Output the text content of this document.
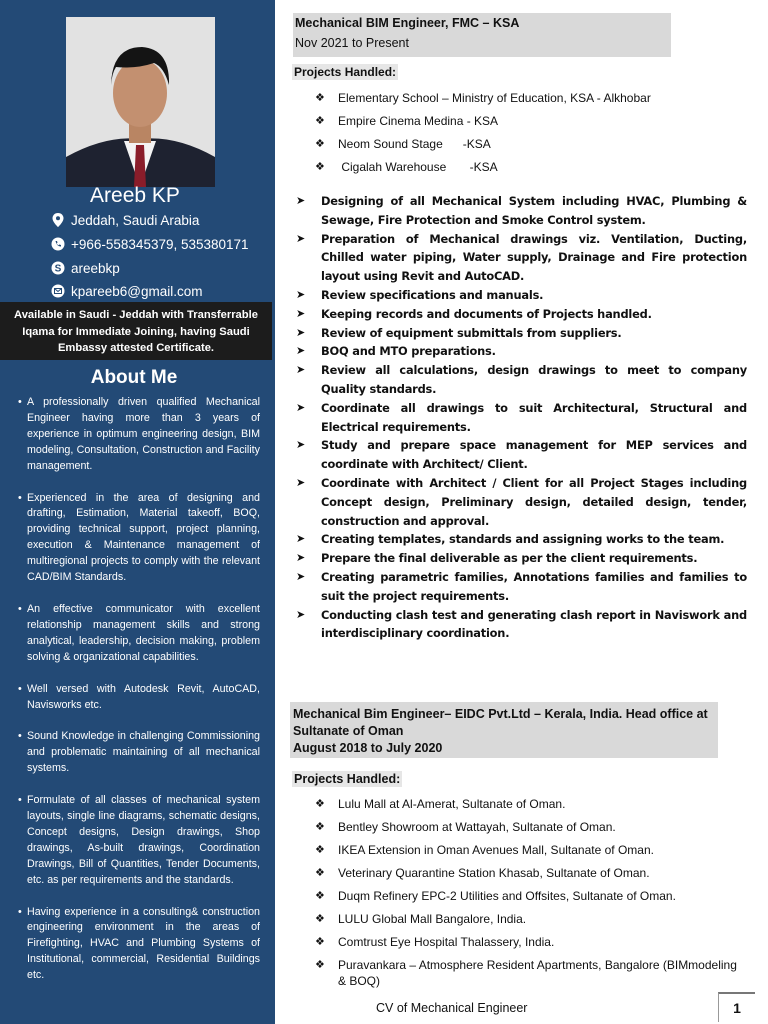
Areeb KP
Jeddah, Saudi Arabia
+966-558345379, 535380171
S areebkp
kpareeb6@gmail.com
Available in Saudi - Jeddah with Transferrable Iqama for Immediate Joining, having Saudi Embassy attested Certificate.
About Me
• A professionally driven qualified Mechanical Engineer having more than 3 years of experience in optimum engineering design, BIM modeling, Consultation, Construction and Facility management.
• Experienced in the area of designing and drafting, Estimation, Material takeoff, BOQ, providing technical support, project planning, execution & Maintenance management of multiregional projects to comply with the relevant CAD/BIM Standards.
• An effective communicator with excellent relationship management skills and strong analytical, leadership, decision making, problem solving & organizational capabilities.
• Well versed with Autodesk Revit, AutoCAD, Navisworks etc.
• Sound Knowledge in challenging Commissioning and problematic maintaining of all mechanical systems.
• Formulate of all classes of mechanical system layouts, single line diagrams, schematic designs, Concept designs, Design drawings, Shop drawings, As-built drawings, Coordination Drawings, Bill of Quantities, Tender Documents, etc. as per requirements and the standards.
• Having experience in a consulting& construction engineering environment in the areas of Firefighting, HVAC and Plumbing Systems of Institutional, commercial, Residential Buildings etc.
Mechanical BIM Engineer, FMC – KSA
Nov 2021 to Present
Projects Handled:
❖ Elementary School – Ministry of Education, KSA - Alkhobar
❖ Empire Cinema Medina - KSA
❖ Neom Sound Stage      -KSA
❖ Cigalah Warehouse       -KSA
➤ Designing of all Mechanical System including HVAC, Plumbing & Sewage, Fire Protection and Smoke Control system.
➤ Preparation of Mechanical drawings viz. Ventilation, Ducting, Chilled water piping, Water supply, Drainage and Fire protection layout using Revit and AutoCAD.
➤ Review specifications and manuals.
➤ Keeping records and documents of Projects handled.
➤ Review of equipment submittals from suppliers.
➤ BOQ and MTO preparations.
➤ Review all calculations, design drawings to meet to company Quality standards.
➤ Coordinate all drawings to suit Architectural, Structural and Electrical requirements.
➤ Study and prepare space management for MEP services and coordinate with Architect/ Client.
➤ Coordinate with Architect / Client for all Project Stages including Concept design, Preliminary design, detailed design, tender, construction and approval.
➤ Creating templates, standards and assigning works to the team.
➤ Prepare the final deliverable as per the client requirements.
➤ Creating parametric families, Annotations families and families to suit the project requirements.
➤ Conducting clash test and generating clash report in Naviswork and interdisciplinary coordination.
Mechanical Bim Engineer– EIDC Pvt.Ltd – Kerala, India. Head office at Sultanate of Oman
August 2018 to July 2020
Projects Handled:
❖ Lulu Mall at Al-Amerat, Sultanate of Oman.
❖ Bentley Showroom at Wattayah, Sultanate of Oman.
❖ IKEA Extension in Oman Avenues Mall, Sultanate of Oman.
❖ Veterinary Quarantine Station Khasab, Sultanate of Oman.
❖ Duqm Refinery EPC-2 Utilities and Offsites, Sultanate of Oman.
❖ LULU Global Mall Bangalore, India.
❖ Comtrust Eye Hospital Thalassery, India.
❖ Puravankara – Atmosphere Resident Apartments, Bangalore (BIMmodeling & BOQ)
CV of Mechanical Engineer	1
